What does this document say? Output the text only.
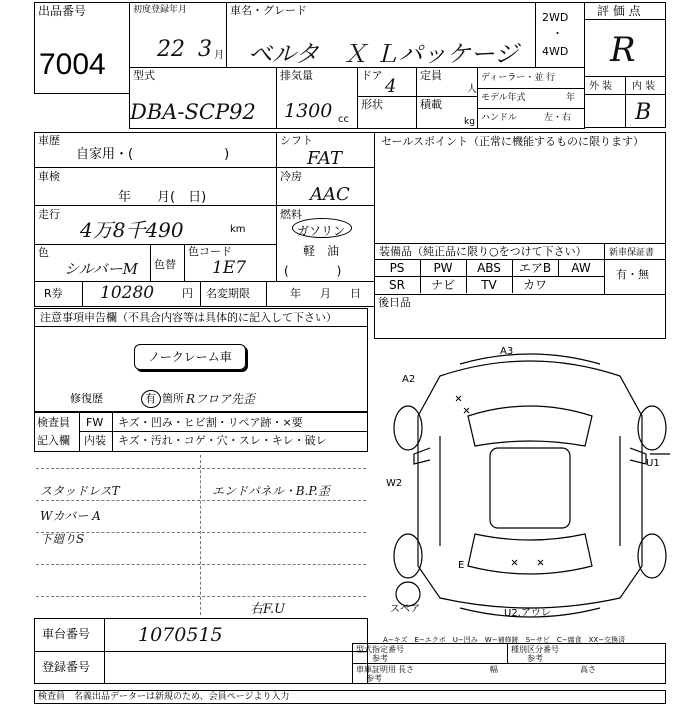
出品番号
7004
初度登録年月
22 3 月
車名・グレード
ベルタ　Ｘ Ｌパッケージ
2WD
・
4WD
評 価 点
R
外 装 内 装
B
型式
DBA-SCP92
排気量
1300 cc
ドア
4
定員
人
形状	積載
kg
ディーラー・並 行
モデル年式	年
ハンドル	左・右
車歴
自家用・(　　　　　　　)
車検
年　　月(　日)
走行
4万8千490	km
色
シルバーM 色替
色コード
1E7
シフト
FAT
冷房
AAC
燃料
ガソリン
軽　油
(　　　　)
セールスポイント（正常に機能するものに限ります）
装備品（純正品に限り○をつけて下さい） 新車保証書
有・無
R券 10280	円 名変期限	年 月 日
後日品
注意事項申告欄（不具合内容等は具体的に記入して下さい）
ノークレーム車
修復歴	有 箇所 Rフロア先歪
検査員
記入欄
FW キズ・凹み・ヒビ割・リペア跡・×要
内装 キズ・汚れ・コゲ・穴・スレ・キレ・破レ
スタッドレスT
Wカバー A
下廻りS
エンドパネル・B.P.歪
右F.U
A3
A2
W2
U1
E
スペア	U2.アウレ
車台番号	1070515
登録番号
A−キズ　E−エクボ　U−凹み　W−補修跡　S−サビ　C−腐食　XX−交換済
型式指定番号
参考
種別区分番号
参考
車庫証明用
参考
長さ	幅	高さ
検査員　名義出品データーは新規のため、会員ページより入力
PS	PW	ABS	エアB	AW
SR	ナビ	TV	カワ
